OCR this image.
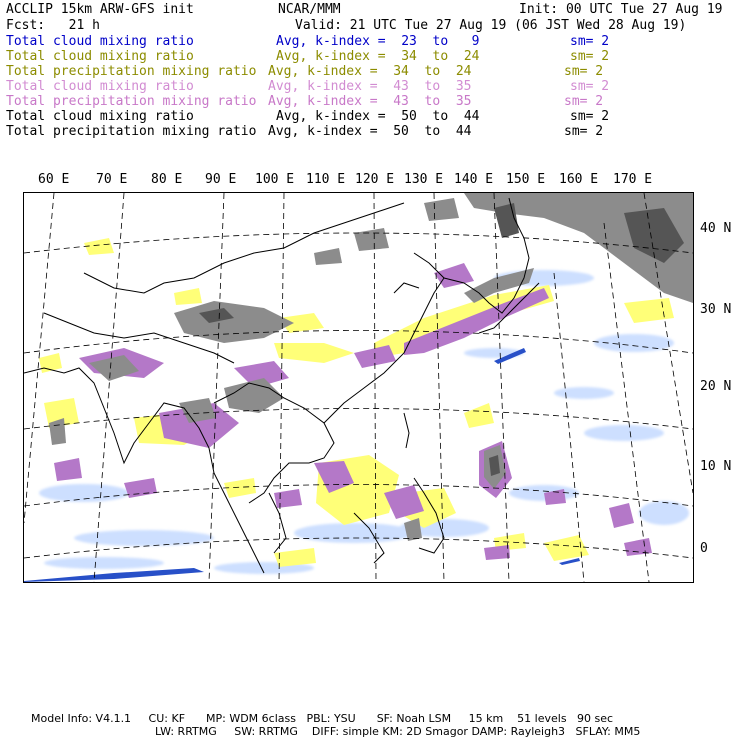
ACCLIP 15km ARW-GFS init	NCAR/MMM	Init: 00 UTC Tue 27 Aug 19
Fcst:   21 h	Valid: 21 UTC Tue 27 Aug 19 (06 JST Wed 28 Aug 19)
Total cloud mixing ratio	Avg, k-index =  23  to   9	sm= 2
Total cloud mixing ratio	Avg, k-index =  34  to  24	sm= 2
Total precipitation mixing ratio Avg, k-index =  34  to  24	sm= 2
Total cloud mixing ratio	Avg, k-index =  43  to  35	sm= 2
Total precipitation mixing ratio Avg, k-index =  43  to  35	sm= 2
Total cloud mixing ratio	Avg, k-index =  50  to  44	sm= 2
Total precipitation mixing ratio Avg, k-index =  50  to  44	sm= 2
60 E 70 E 80 E 90 E 100 E 110 E 120 E 130 E 140 E 150 E 160 E 170 E
40 N
30 N
20 N
10 N
0
Model Info: V4.1.1     CU: KF      MP: WDM 6class   PBL: YSU      SF: Noah LSM     15 km    51 levels   90 sec
LW: RRTMG     SW: RRTMG    DIFF: simple KM: 2D Smagor DAMP: Rayleigh3   SFLAY: MM5
